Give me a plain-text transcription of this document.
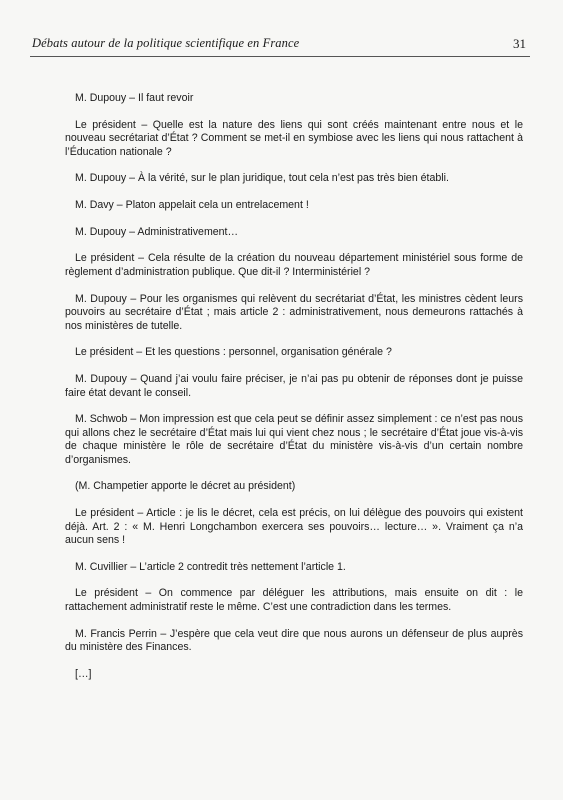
Débats autour de la politique scientifique en France	31

M. Dupouy – Il faut revoir

Le président – Quelle est la nature des liens qui sont créés maintenant entre nous et le nouveau secrétariat d’État ? Comment se met-il en symbiose avec les liens qui nous rattachent à l’Éducation nationale ?

M. Dupouy – À la vérité, sur le plan juridique, tout cela n’est pas très bien établi.

M. Davy – Platon appelait cela un entrelacement !

M. Dupouy – Administrativement…

Le président – Cela résulte de la création du nouveau département ministériel sous forme de règlement d’administration publique. Que dit-il ? Interministériel ?

M. Dupouy – Pour les organismes qui relèvent du secrétariat d’État, les ministres cèdent leurs pouvoirs au secrétaire d’État ; mais article 2 : administrativement, nous demeurons rattachés à nos ministères de tutelle.

Le président – Et les questions : personnel, organisation générale ?

M. Dupouy – Quand j’ai voulu faire préciser, je n’ai pas pu obtenir de réponses dont je puisse faire état devant le conseil.

M. Schwob – Mon impression est que cela peut se définir assez simplement : ce n’est pas nous qui allons chez le secrétaire d’État mais lui qui vient chez nous ; le secrétaire d’État joue vis-à-vis de chaque ministère le rôle de secrétaire d’État du ministère vis-à-vis d’un certain nombre d’organismes.

(M. Champetier apporte le décret au président)

Le président – Article : je lis le décret, cela est précis, on lui délègue des pouvoirs qui existent déjà. Art. 2 : « M. Henri Longchambon exercera ses pouvoirs… lecture… ». Vraiment ça n’a aucun sens !

M. Cuvillier – L’article 2 contredit très nettement l’article 1.

Le président – On commence par déléguer les attributions, mais ensuite on dit : le rattachement administratif reste le même. C’est une contradiction dans les termes.

M. Francis Perrin – J’espère que cela veut dire que nous aurons un défenseur de plus auprès du ministère des Finances.

[…]
